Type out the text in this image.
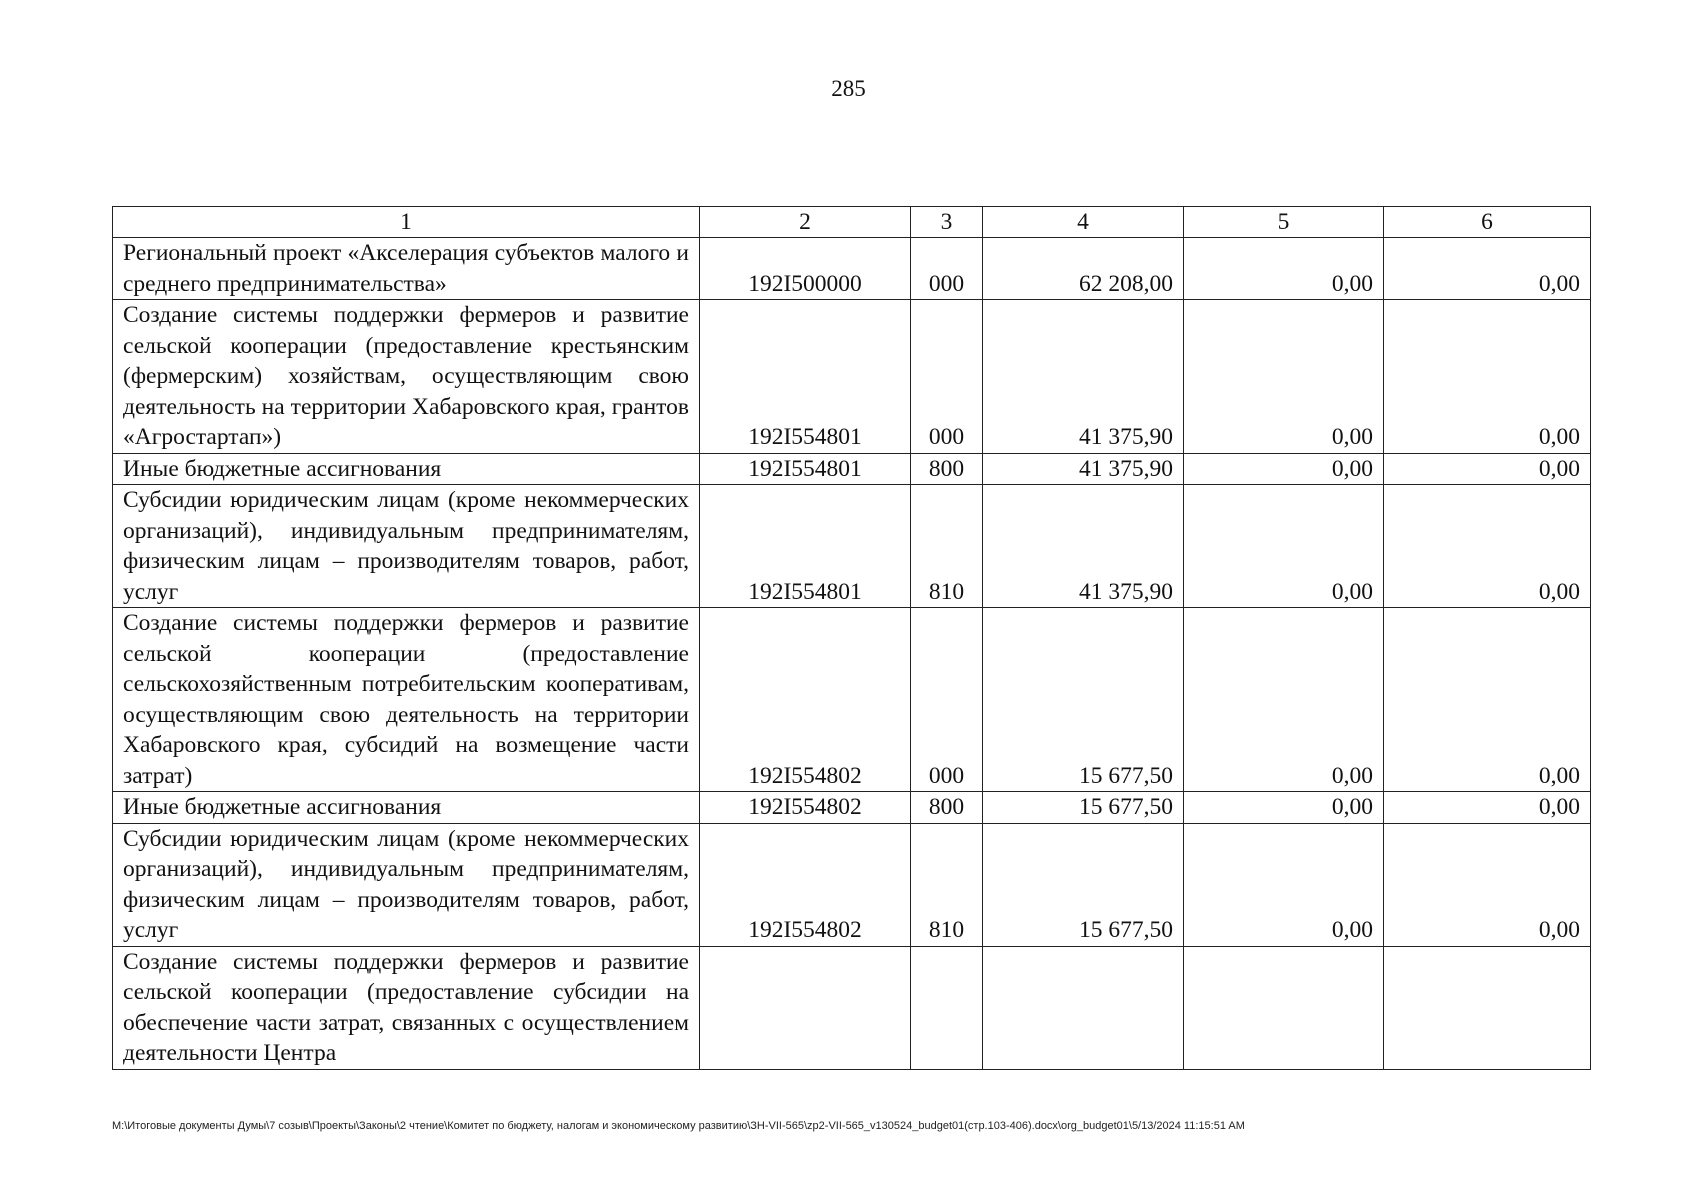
285
1	2	3	4	5	6
Региональный проект «Акселерация субъектов малого и среднего предпринимательства»	192I500000	000	62 208,00	0,00	0,00
Создание системы поддержки фермеров и развитие сельской кооперации (предоставление крестьянским (фермерским) хозяйствам, осуществляющим свою деятельность на территории Хабаровского края, грантов «Агростартап»)	192I554801	000	41 375,90	0,00	0,00
Иные бюджетные ассигнования	192I554801	800	41 375,90	0,00	0,00
Субсидии юридическим лицам (кроме некоммерческих организаций), индивидуальным предпринимателям, физическим лицам – производителям товаров, работ, услуг	192I554801	810	41 375,90	0,00	0,00
Создание системы поддержки фермеров и развитие сельской кооперации (предоставление сельскохозяйственным потребительским кооперативам, осуществляющим свою деятельность на территории Хабаровского края, субсидий на возмещение части затрат)	192I554802	000	15 677,50	0,00	0,00
Иные бюджетные ассигнования	192I554802	800	15 677,50	0,00	0,00
Субсидии юридическим лицам (кроме некоммерческих организаций), индивидуальным предпринимателям, физическим лицам – производителям товаров, работ, услуг	192I554802	810	15 677,50	0,00	0,00
Создание системы поддержки фермеров и развитие сельской кооперации (предоставление субсидии на обеспечение части затрат, связанных с осуществлением деятельности Центра					
M:\Итоговые документы Думы\7 созыв\Проекты\Законы\2 чтение\Комитет по бюджету, налогам и экономическому развитию\ЗН-VII-565\zp2-VII-565_v130524_budget01(стр.103-406).docx\org_budget01\5/13/2024 11:15:51 AM
